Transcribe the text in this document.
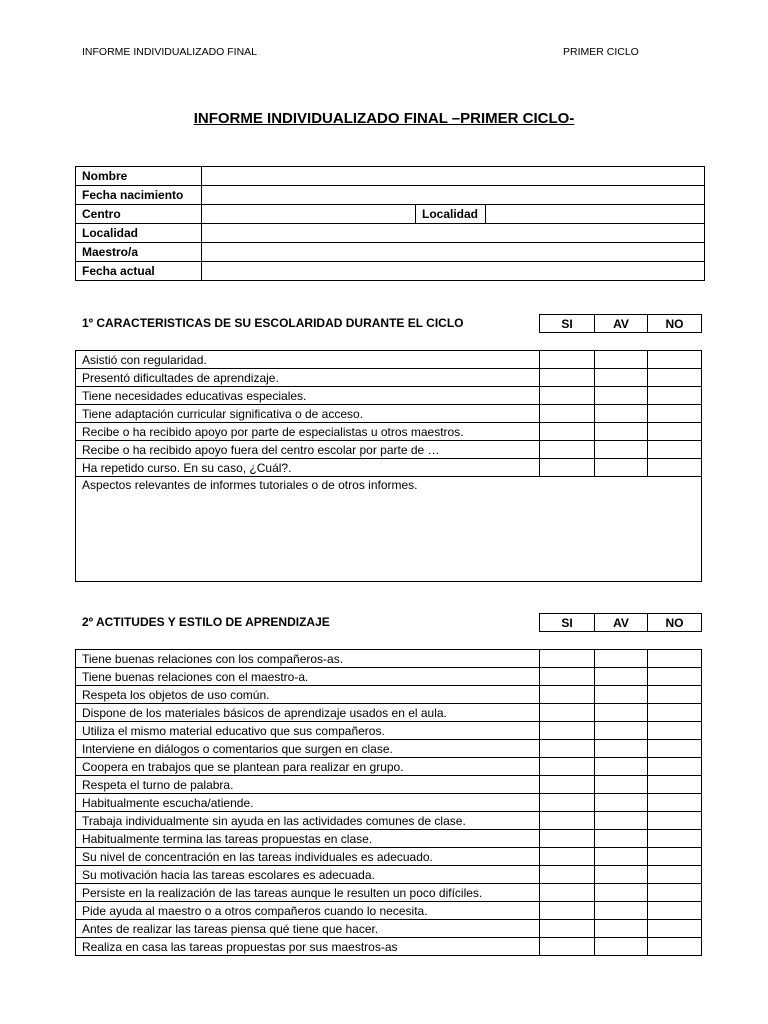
INFORME INDIVIDUALIZADO FINAL	PRIMER CICLO
INFORME INDIVIDUALIZADO FINAL –PRIMER CICLO-
Nombre			
Fecha nacimiento			
Centro		Localidad	
Localidad			
Maestro/a			
Fecha actual			
1º CARACTERISTICAS DE SU ESCOLARIDAD DURANTE EL CICLO	SI	AV	NO
Asistió con regularidad.			
Presentó dificultades de aprendizaje.			
Tiene necesidades educativas especiales.			
Tiene adaptación curricular significativa o de acceso.			
Recibe o ha recibido apoyo por parte de especialistas u otros maestros.			
Recibe o ha recibido apoyo fuera del centro escolar por parte de …			
Ha repetido curso. En su caso, ¿Cuál?.			
Aspectos relevantes de informes tutoriales o de otros informes.			
2º ACTITUDES Y ESTILO DE APRENDIZAJE	SI	AV	NO
Tiene buenas relaciones con los compañeros-as.			
Tiene buenas relaciones con el maestro-a.			
Respeta los objetos de uso común.			
Dispone de los materiales básicos de aprendizaje usados en el aula.			
Utiliza el mismo material educativo que sus compañeros.			
Interviene en diálogos o comentarios que surgen en clase.			
Coopera en trabajos que se plantean para realizar en grupo.			
Respeta el turno de palabra.			
Habitualmente escucha/atiende.			
Trabaja individualmente sin ayuda en las actividades comunes de clase.			
Habitualmente termina las tareas propuestas en clase.			
Su nivel de concentración en las tareas individuales es adecuado.			
Su motivación hacia las tareas escolares es adecuada.			
Persiste en la realización de las tareas aunque le resulten un poco difíciles.			
Pide ayuda al maestro o a otros compañeros cuando lo necesita.			
Antes de realizar las tareas piensa qué tiene que hacer.			
Realiza en casa las tareas propuestas por sus maestros-as			
